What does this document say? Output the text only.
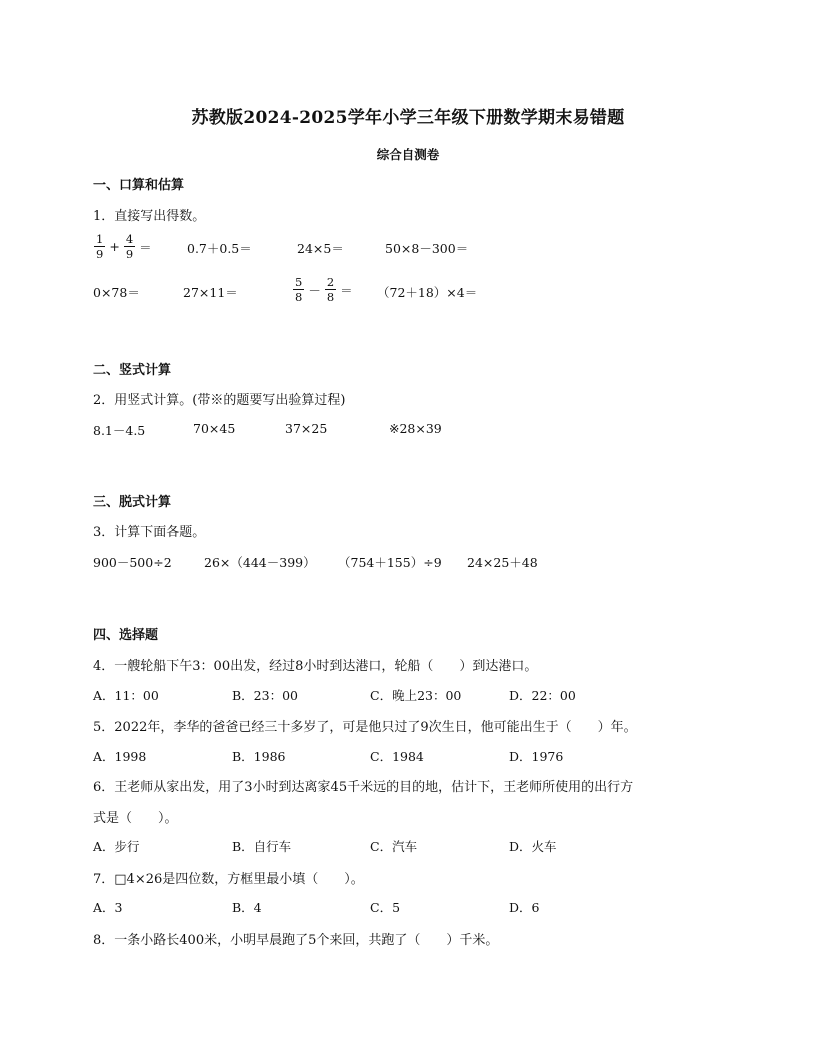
苏教版2024-2025学年小学三年级下册数学期末易错题
综合自测卷
一、口算和估算
1．直接写出得数。
$\frac{1}{9} + \frac{4}{9}$ ＝	0.7＋0.5＝	24×5＝	50×8－300＝
0×78＝	27×11＝	$\frac{5}{8} - \frac{2}{8} = (72+18)\times 4=$
二、竖式计算
2．用竖式计算。(带※的题要写出验算过程)
8.1－4.5	70×45	37×25	※28×39
三、脱式计算
3．计算下面各题。
900－500÷2	26×（444－399） （754＋155）÷9 24×25＋48
四、选择题
4．一艘轮船下午3：00出发，经过8小时到达港口，轮船（　　）到达港口。
A．11：00	B．23：00	C．晚上23：00	D．22：00
5．2022年，李华的爸爸已经三十多岁了，可是他只过了9次生日，他可能出生于（　　）年。
A．1998	B．1986	C．1984	D．1976
6．王老师从家出发，用了3小时到达离家45千米远的目的地，估计下，王老师所使用的出行方
式是（　　）。
A．步行	B．自行车	C．汽车	D．火车
7．□4×26是四位数，方框里最小填（　　）。
A．3	B．4	C．5	D．6
8．一条小路长400米，小明早晨跑了5个来回，共跑了（　　）千米。
